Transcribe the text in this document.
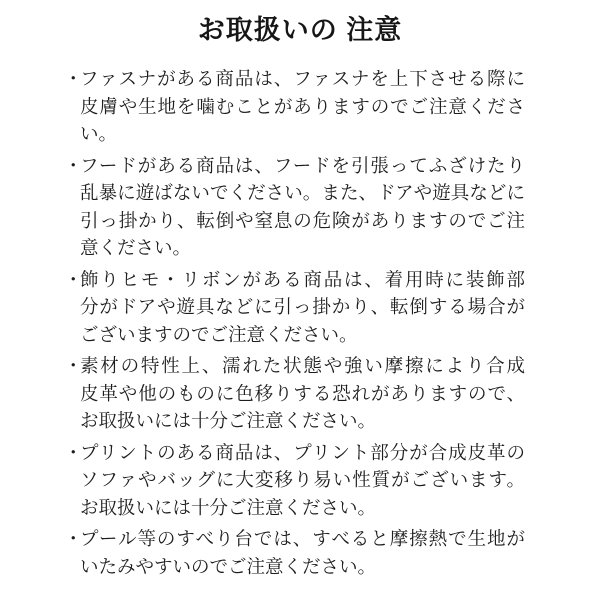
お取扱いの 注意
・
ファスナがある商品は、ファスナを上下させる際に
皮膚や生地を噛むことがありますのでご注意くださ
い。
・
フードがある商品は、フードを引張ってふざけたり
乱暴に遊ばないでください。また、ドアや遊具などに
引っ掛かり、転倒や窒息の危険がありますのでご注
意ください。
・
飾りヒモ・リボンがある商品は、着用時に装飾部
分がドアや遊具などに引っ掛かり、転倒する場合が
ございますのでご注意ください。
・
素材の特性上、濡れた状態や強い摩擦により合成
皮革や他のものに色移りする恐れがありますので、
お取扱いには十分ご注意ください。
・
プリントのある商品は、プリント部分が合成皮革の
ソファやバッグに大変移り易い性質がございます。
お取扱いには十分ご注意ください。
・
プール等のすべり台では、すべると摩擦熱で生地が
いたみやすいのでご注意ください。
